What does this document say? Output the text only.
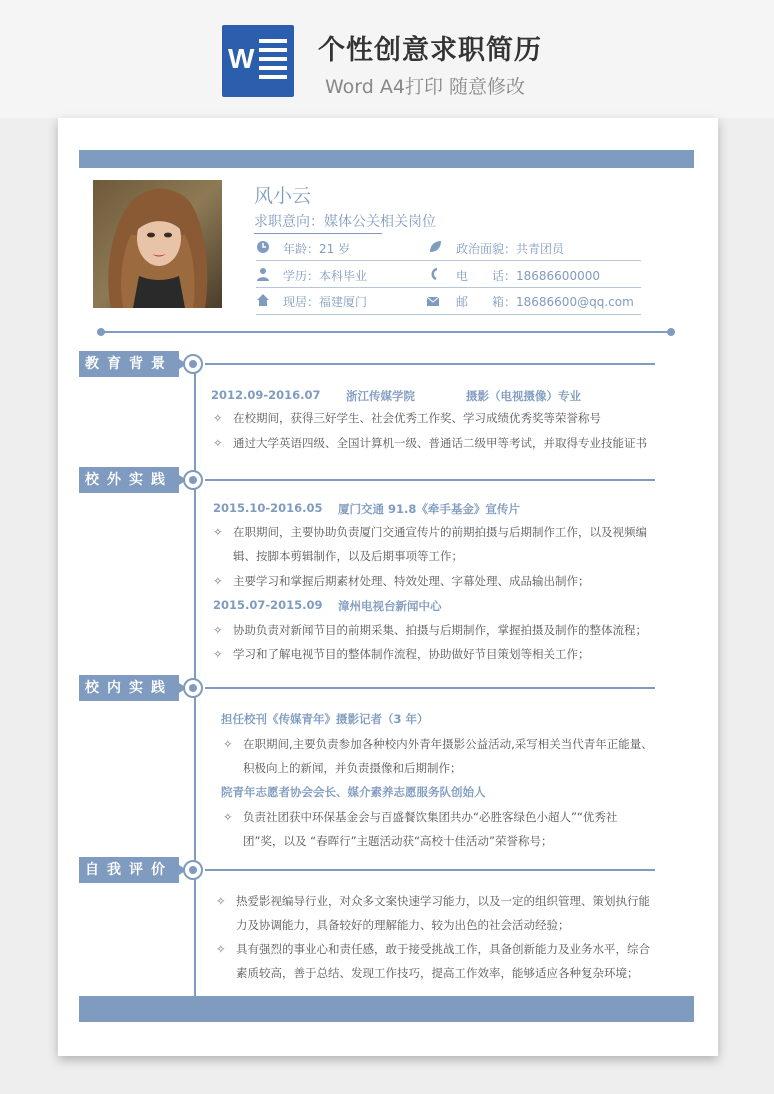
W 个性创意求职简历
Word A4打印 随意修改
风小云
求职意向：媒体公关相关岗位
年龄：21 岁	政治面貌：共青团员
学历：本科毕业	电　　话：18686600000
现居：福建厦门	邮　　箱：18686600@qq.com
教育背景
2012.09-2016.07 浙江传媒学院	摄影（电视摄像）专业
✧ 在校期间，获得三好学生、社会优秀工作奖、学习成绩优秀奖等荣誉称号
✧ 通过大学英语四级、全国计算机一级、普通话二级甲等考试，并取得专业技能证书
校外实践
2015.10-2016.05 厦门交通 91.8《牵手基金》宣传片
✧ 在职期间，主要协助负责厦门交通宣传片的前期拍摄与后期制作工作，以及视频编辑、按脚本剪辑制作，以及后期事项等工作；
✧ 主要学习和掌握后期素材处理、特效处理、字幕处理、成品输出制作；
2015.07-2015.09 漳州电视台新闻中心
✧ 协助负责对新闻节目的前期采集、拍摄与后期制作，掌握拍摄及制作的整体流程；
✧ 学习和了解电视节目的整体制作流程，协助做好节目策划等相关工作；
校内实践
担任校刊《传媒青年》摄影记者（3 年）
✧ 在职期间,主要负责参加各种校内外青年摄影公益活动,采写相关当代青年正能量、积极向上的新闻，并负责摄像和后期制作；
院青年志愿者协会会长、媒介素养志愿服务队创始人
✧ 负责社团获中环保基金会与百盛餐饮集团共办“必胜客绿色小超人”“优秀社团”奖，以及 “春晖行”主题活动获“高校十佳活动”荣誉称号；
自我评价
✧ 热爱影视编导行业，对众多文案快速学习能力，以及一定的组织管理、策划执行能力及协调能力，具备较好的理解能力、较为出色的社会活动经验；
✧ 具有强烈的事业心和责任感，敢于接受挑战工作，具备创新能力及业务水平，综合素质较高，善于总结、发现工作技巧，提高工作效率，能够适应各种复杂环境；
